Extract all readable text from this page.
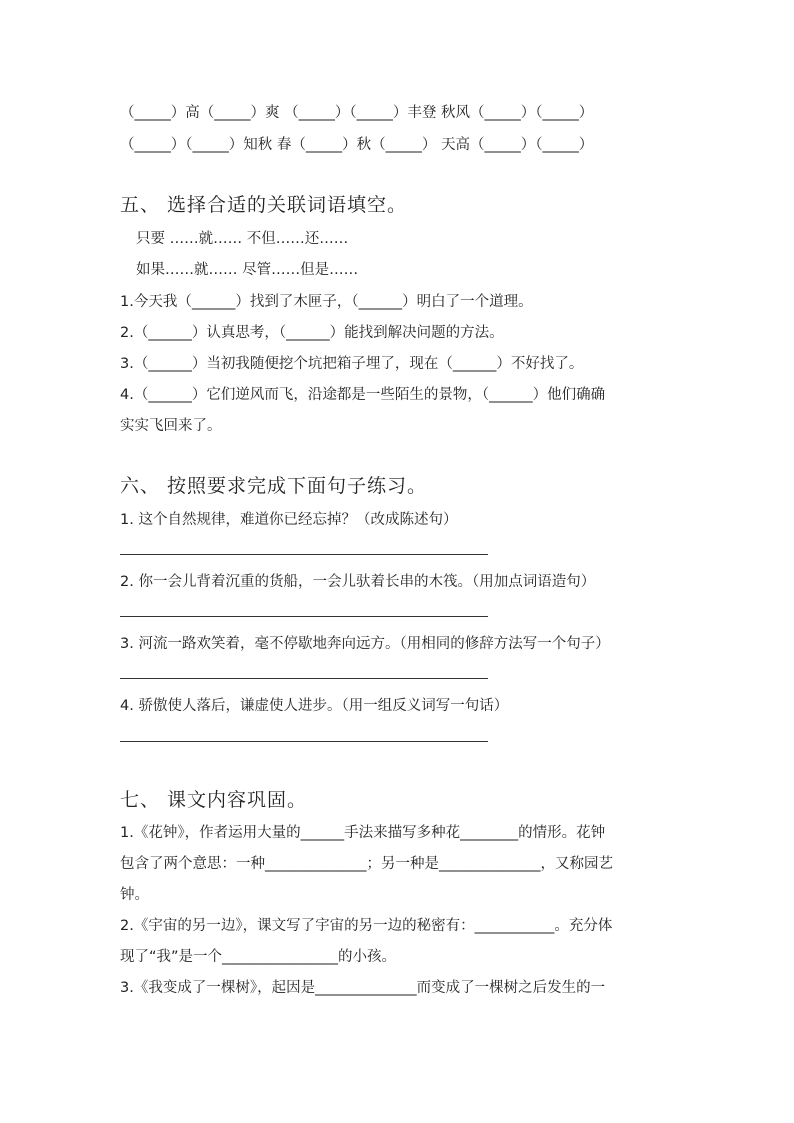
（_____）高（_____）爽 （_____）（_____）丰登 秋风（_____）（_____）
（_____）（_____）知秋 春（_____）秋（_____） 天高（_____）（_____）
五、 选择合适的关联词语填空。
只要 ……就…… 不但……还……
如果……就…… 尽管……但是……
1.今天我（______）找到了木匣子，（______）明白了一个道理。
2.（______）认真思考，（______）能找到解决问题的方法。
3.（______）当初我随便挖个坑把箱子埋了，现在（______）不好找了。
4.（______）它们逆风而飞，沿途都是一些陌生的景物，（______）他们确确
实实飞回来了。
六、 按照要求完成下面句子练习。
1. 这个自然规律，难道你已经忘掉？（改成陈述句）
2. 你一会儿背着沉重的货船，一会儿驮着长串的木筏。（用加点词语造句）
3. 河流一路欢笑着，毫不停歇地奔向远方。（用相同的修辞方法写一个句子）
4. 骄傲使人落后，谦虚使人进步。（用一组反义词写一句话）
七、 课文内容巩固。
1.《花钟》，作者运用大量的______手法来描写多种花________的情形。花钟
包含了两个意思：一种______________；另一种是______________，又称园艺
钟。
2.《宇宙的另一边》，课文写了宇宙的另一边的秘密有：___________。充分体
现了“我”是一个________________的小孩。
3.《我变成了一棵树》，起因是______________而变成了一棵树之后发生的一
